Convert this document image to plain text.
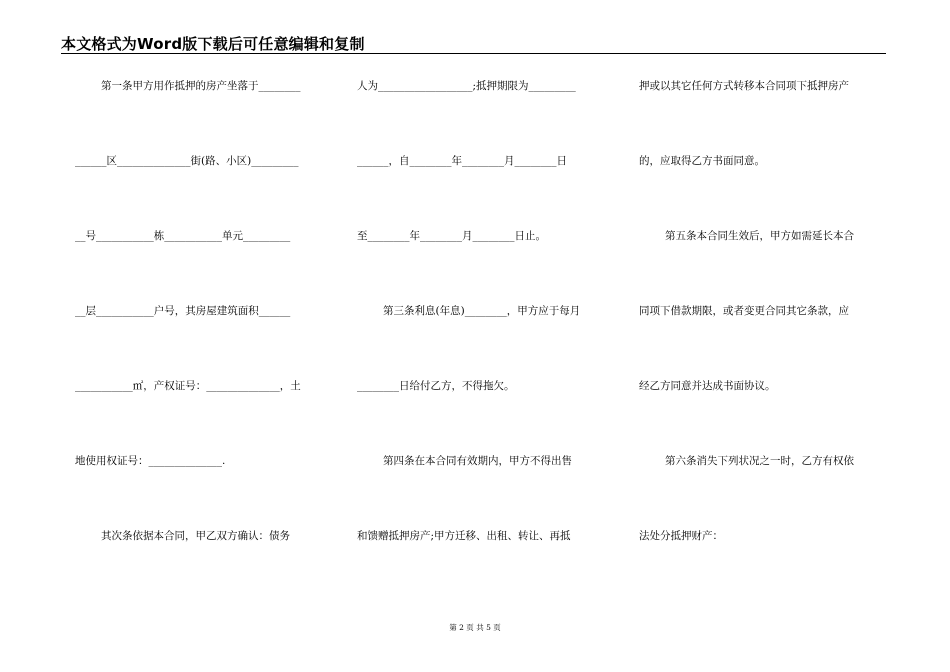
本文格式为Word版下载后可任意编辑和复制
第一条甲方用作抵押的房产坐落于________
______区______________街(路、小区)_________
__号___________栋___________单元_________
__层___________户号，其房屋建筑面积______
___________㎡，产权证号：______________，土
地使用权证号：______________.
其次条依据本合同，甲乙双方确认：债务
人为__________________;抵押期限为_________
______，自________年________月________日
至________年________月________日止。
第三条利息(年息)________，甲方应于每月
________日给付乙方，不得拖欠。
第四条在本合同有效期内，甲方不得出售
和馈赠抵押房产;甲方迁移、出租、转让、再抵
押或以其它任何方式转移本合同项下抵押房产
的，应取得乙方书面同意。
第五条本合同生效后，甲方如需延长本合
同项下借款期限，或者变更合同其它条款，应
经乙方同意并达成书面协议。
第六条消失下列状况之一时，乙方有权依
法处分抵押财产：
第 2 页 共 5 页
